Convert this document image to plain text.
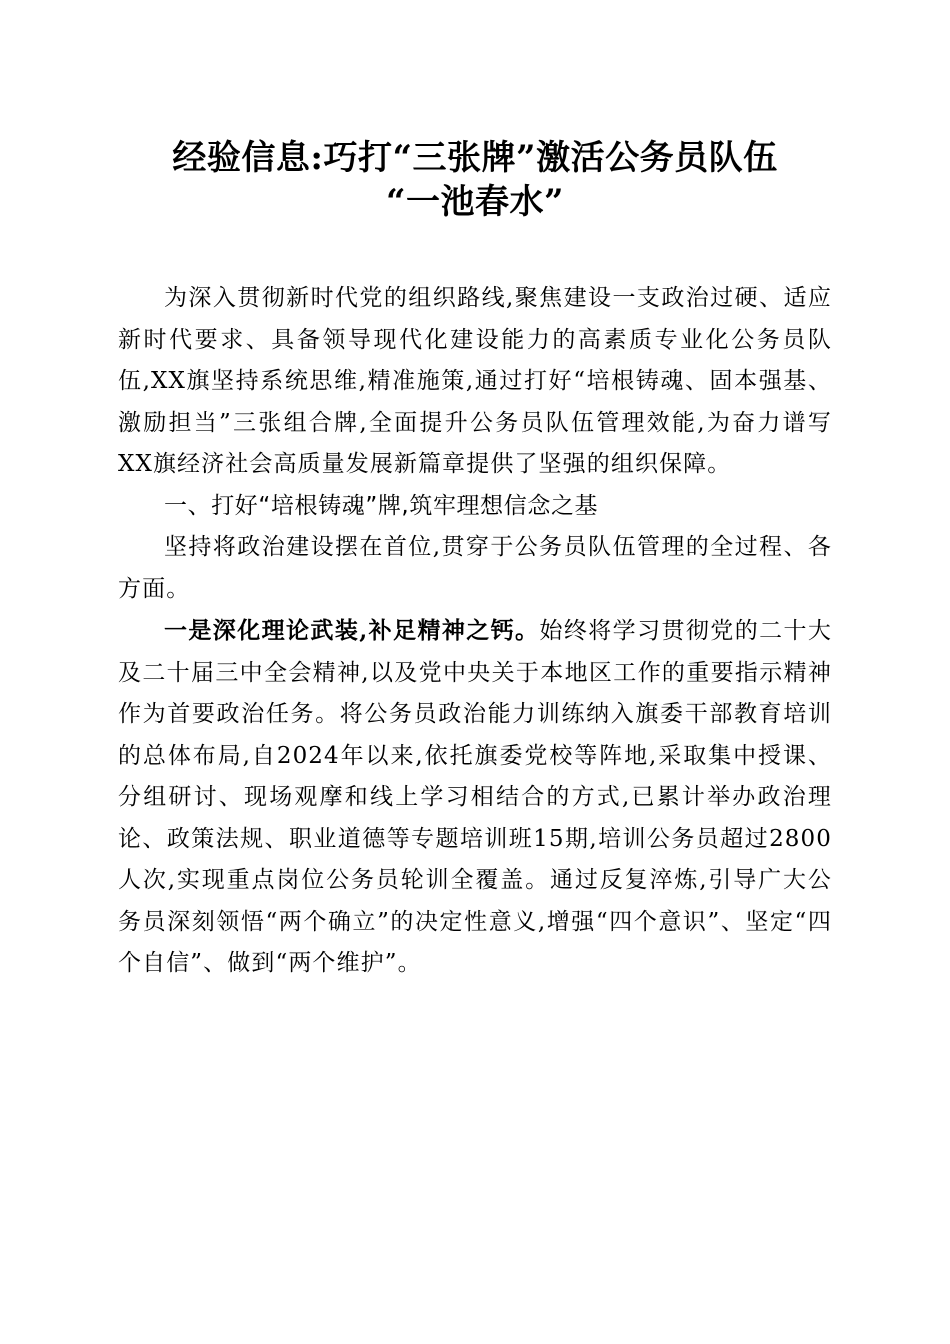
经验信息:巧打“三张牌”激活公务员队伍
“一池春水”

为深入贯彻新时代党的组织路线,聚焦建设一支政治过硬、适应新时代要求、具备领导现代化建设能力的高素质专业化公务员队伍,XX旗坚持系统思维,精准施策,通过打好“培根铸魂、固本强基、激励担当”三张组合牌,全面提升公务员队伍管理效能,为奋力谱写XX旗经济社会高质量发展新篇章提供了坚强的组织保障。

一、打好“培根铸魂”牌,筑牢理想信念之基

坚持将政治建设摆在首位,贯穿于公务员队伍管理的全过程、各方面。

一是深化理论武装,补足精神之钙。始终将学习贯彻党的二十大及二十届三中全会精神,以及党中央关于本地区工作的重要指示精神作为首要政治任务。将公务员政治能力训练纳入旗委干部教育培训的总体布局,自2024年以来,依托旗委党校等阵地,采取集中授课、分组研讨、现场观摩和线上学习相结合的方式,已累计举办政治理论、政策法规、职业道德等专题培训班15期,培训公务员超过2800人次,实现重点岗位公务员轮训全覆盖。通过反复淬炼,引导广大公务员深刻领悟“两个确立”的决定性意义,增强“四个意识”、坚定“四个自信”、做到“两个维护”。
